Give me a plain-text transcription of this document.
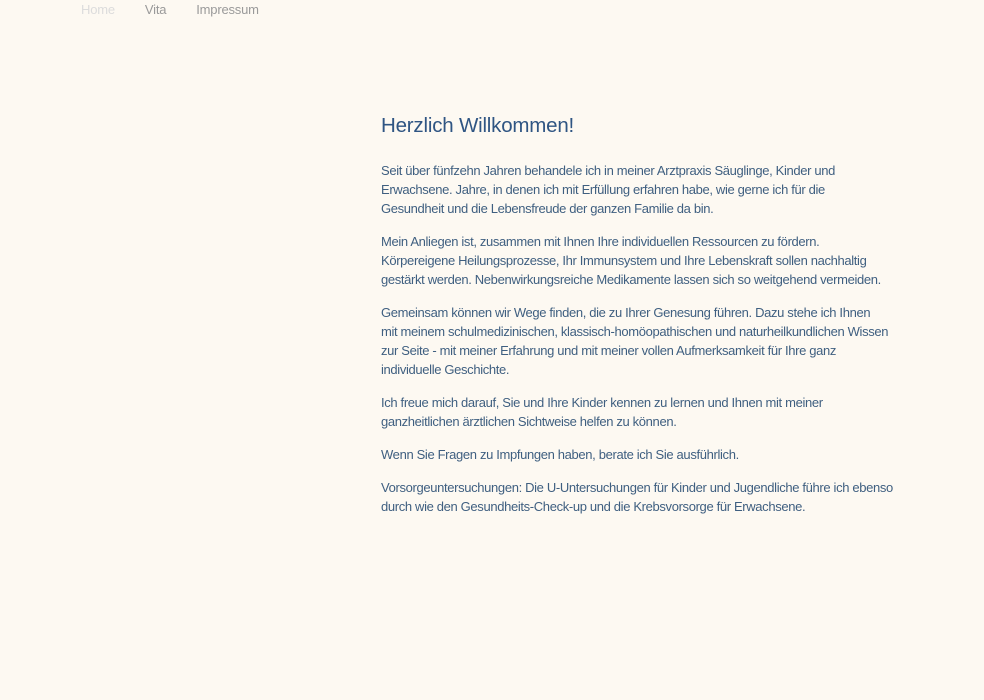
Home Vita Impressum
Herzlich Willkommen!

Seit über fünfzehn Jahren behandele ich in meiner Arztpraxis Säuglinge, Kinder und
Erwachsene. Jahre, in denen ich mit Erfüllung erfahren habe, wie gerne ich für die
Gesundheit und die Lebensfreude der ganzen Familie da bin.

Mein Anliegen ist, zusammen mit Ihnen Ihre individuellen Ressourcen zu fördern.
Körpereigene Heilungsprozesse, Ihr Immunsystem und Ihre Lebenskraft sollen nachhaltig
gestärkt werden. Nebenwirkungsreiche Medikamente lassen sich so weitgehend vermeiden.

Gemeinsam können wir Wege finden, die zu Ihrer Genesung führen. Dazu stehe ich Ihnen
mit meinem schulmedizinischen, klassisch-homöopathischen und naturheilkundlichen Wissen
zur Seite - mit meiner Erfahrung und mit meiner vollen Aufmerksamkeit für Ihre ganz
individuelle Geschichte.

Ich freue mich darauf, Sie und Ihre Kinder kennen zu lernen und Ihnen mit meiner
ganzheitlichen ärztlichen Sichtweise helfen zu können.

Wenn Sie Fragen zu Impfungen haben, berate ich Sie ausführlich.

Vorsorgeuntersuchungen: Die U-Untersuchungen für Kinder und Jugendliche führe ich ebenso
durch wie den Gesundheits-Check-up und die Krebsvorsorge für Erwachsene.
